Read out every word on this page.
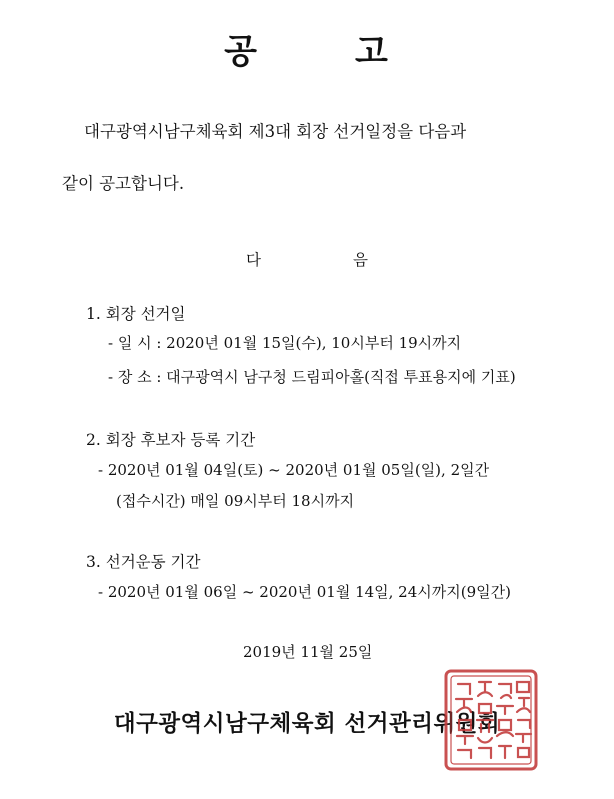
공	고
대구광역시남구체육회 제3대 회장 선거일정을 다음과
같이 공고합니다.
다	음
1. 회장 선거일
- 일 시 : 2020년 01월 15일(수), 10시부터 19시까지
- 장 소 : 대구광역시 남구청 드림피아홀(직접 투표용지에 기표)
2. 회장 후보자 등록 기간
- 2020년 01월 04일(토) ~ 2020년 01월 05일(일), 2일간
(접수시간) 매일 09시부터 18시까지
3. 선거운동 기간
- 2020년 01월 06일 ~ 2020년 01월 14일, 24시까지(9일간)
2019년 11월 25일
대구광역시남구체육회 선거관리위원회
